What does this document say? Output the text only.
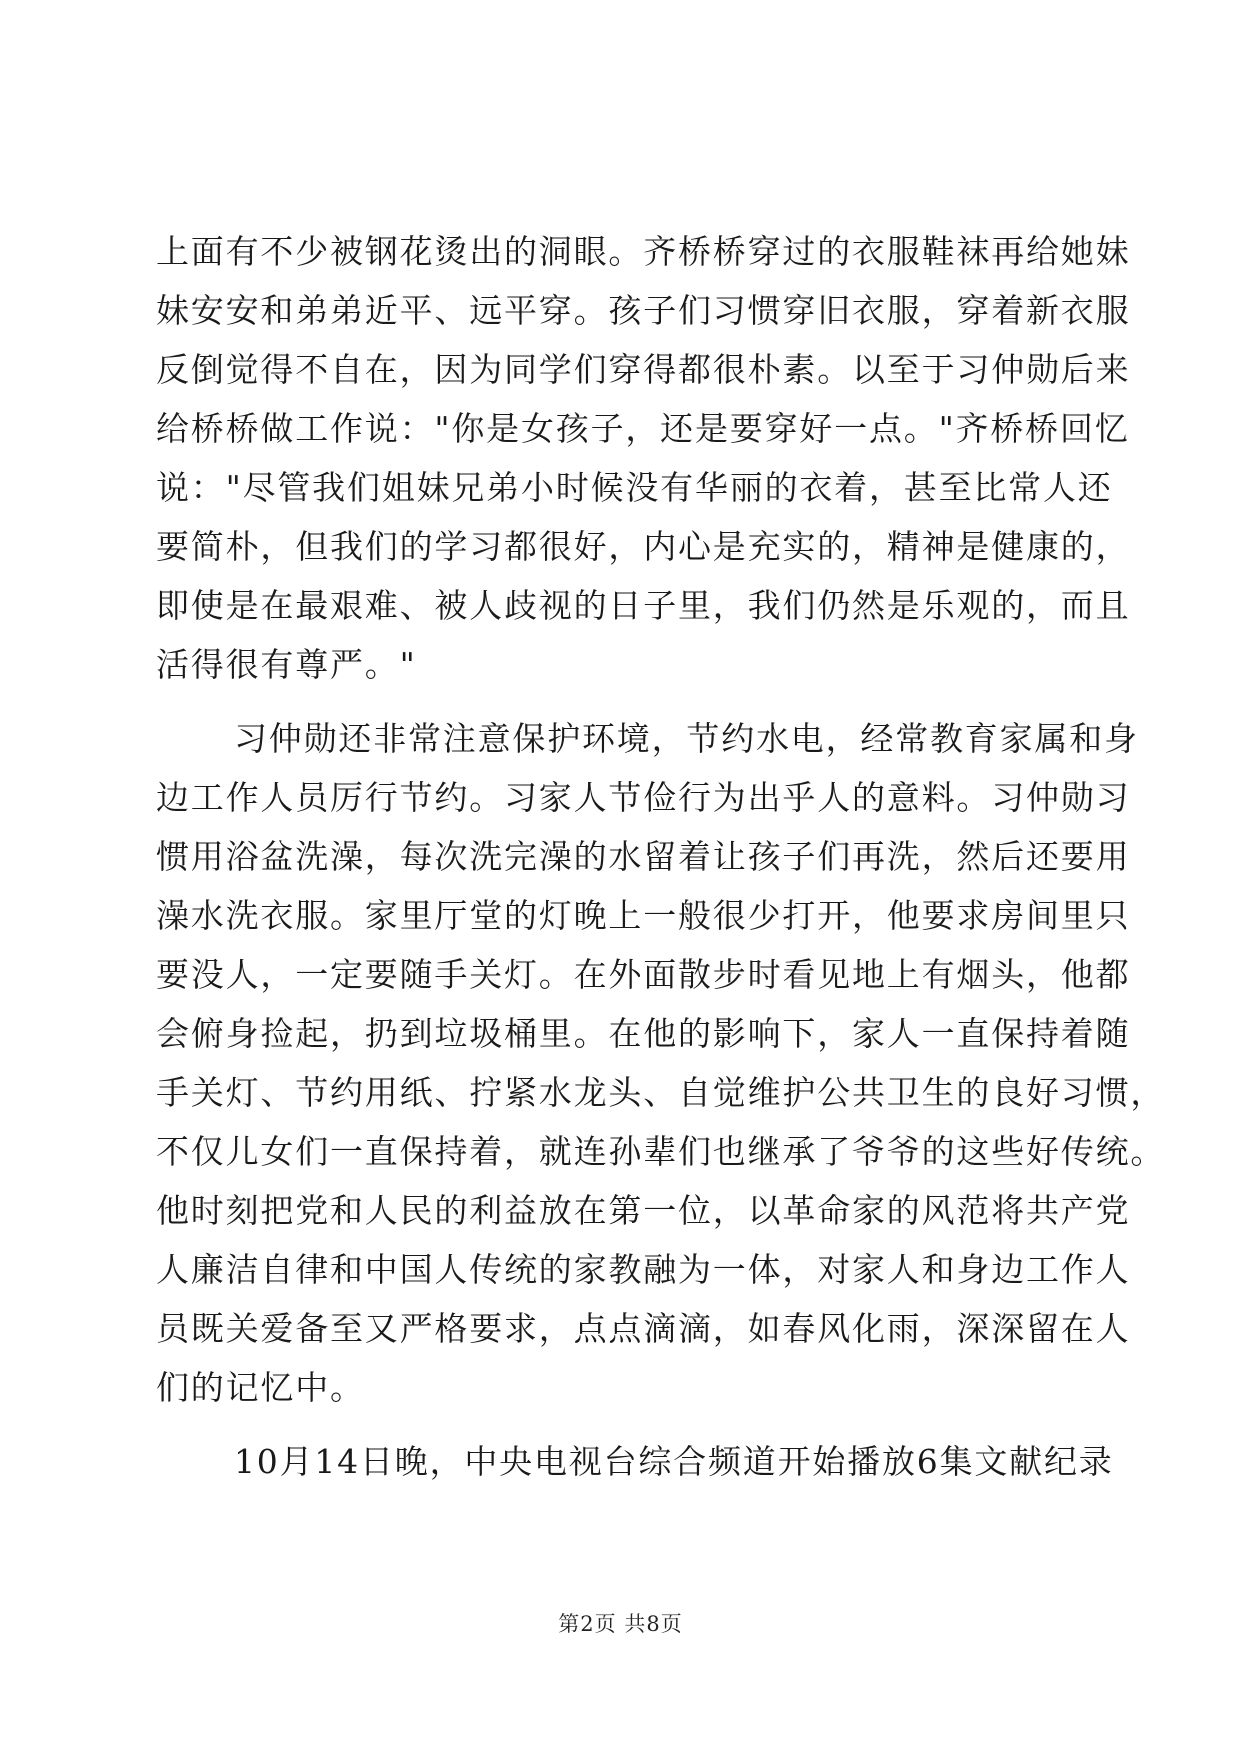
上面有不少被钢花烫出的洞眼。齐桥桥穿过的衣服鞋袜再给她妹
妹安安和弟弟近平、远平穿。孩子们习惯穿旧衣服，穿着新衣服
反倒觉得不自在，因为同学们穿得都很朴素。以至于习仲勋后来
给桥桥做工作说："你是女孩子，还是要穿好一点。"齐桥桥回忆
说："尽管我们姐妹兄弟小时候没有华丽的衣着，甚至比常人还
要简朴，但我们的学习都很好，内心是充实的，精神是健康的，
即使是在最艰难、被人歧视的日子里，我们仍然是乐观的，而且
活得很有尊严。"
习仲勋还非常注意保护环境，节约水电，经常教育家属和身
边工作人员厉行节约。习家人节俭行为出乎人的意料。习仲勋习
惯用浴盆洗澡，每次洗完澡的水留着让孩子们再洗，然后还要用
澡水洗衣服。家里厅堂的灯晚上一般很少打开，他要求房间里只
要没人，一定要随手关灯。在外面散步时看见地上有烟头，他都
会俯身捡起，扔到垃圾桶里。在他的影响下，家人一直保持着随
手关灯、节约用纸、拧紧水龙头、自觉维护公共卫生的良好习惯，
不仅儿女们一直保持着，就连孙辈们也继承了爷爷的这些好传统。
他时刻把党和人民的利益放在第一位，以革命家的风范将共产党
人廉洁自律和中国人传统的家教融为一体，对家人和身边工作人
员既关爱备至又严格要求，点点滴滴，如春风化雨，深深留在人
们的记忆中。
10月14日晚，中央电视台综合频道开始播放6集文献纪录
第2页 共8页
